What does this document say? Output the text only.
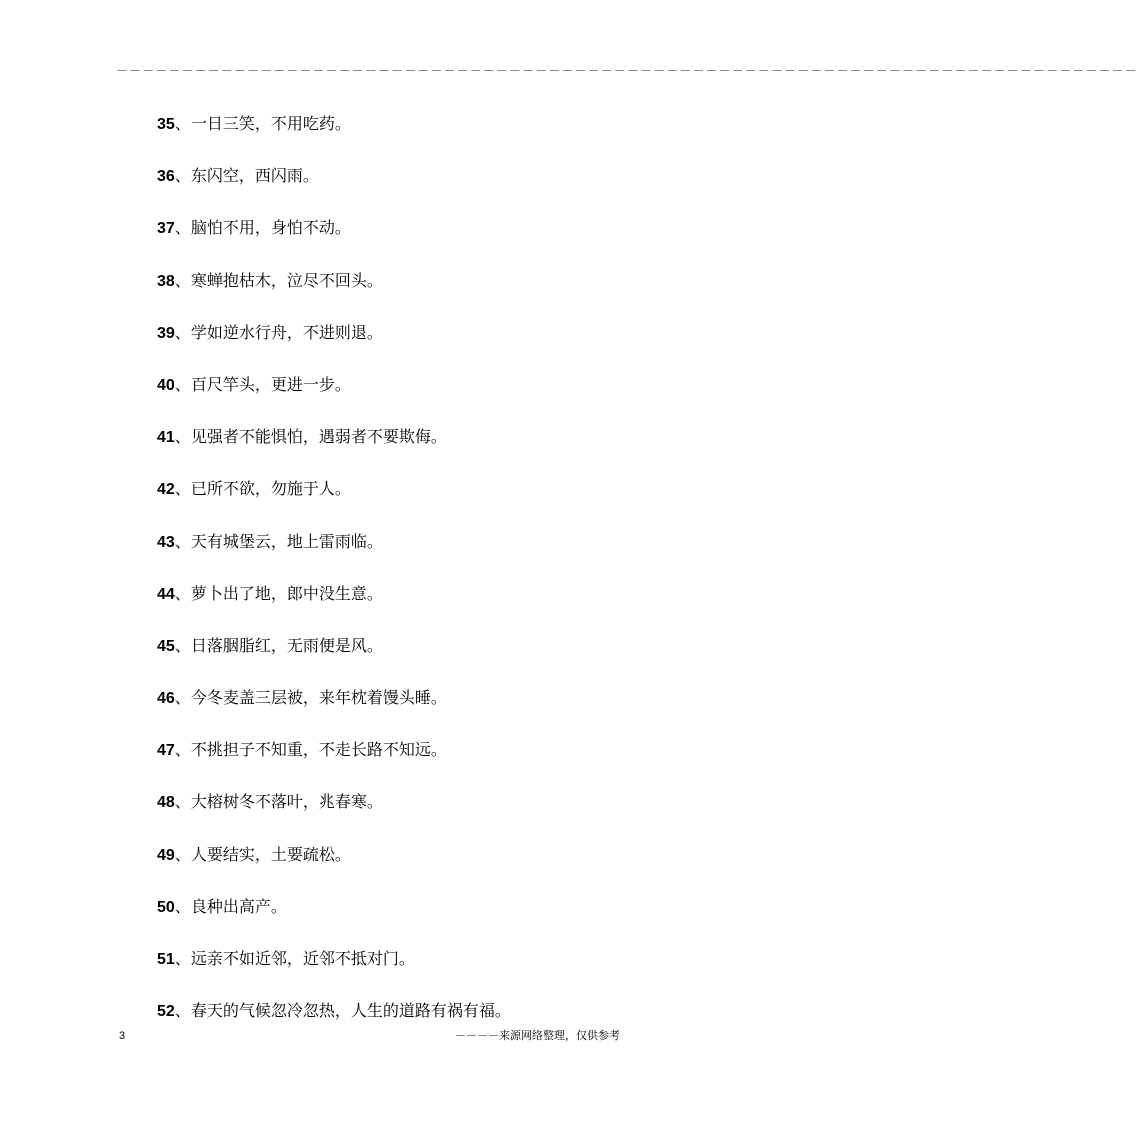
－－－－－－－－－－－－－－－－－－－－－－－－－－－－－－－－－－－－－－－－－－－－－－－－－－－－－－－－－－－－－－－－－－－－－－－－－－－－－－
35、一日三笑，不用吃药。
36、东闪空，西闪雨。
37、脑怕不用，身怕不动。
38、寒蝉抱枯木，泣尽不回头。
39、学如逆水行舟，不进则退。
40、百尺竿头，更进一步。
41、见强者不能惧怕，遇弱者不要欺侮。
42、已所不欲，勿施于人。
43、天有城堡云，地上雷雨临。
44、萝卜出了地，郎中没生意。
45、日落胭脂红，无雨便是风。
46、今冬麦盖三层被，来年枕着馒头睡。
47、不挑担子不知重，不走长路不知远。
48、大榕树冬不落叶，兆春寒。
49、人要结实，土要疏松。
50、良种出高产。
51、远亲不如近邻，近邻不抵对门。
52、春天的气候忽冷忽热，人生的道路有祸有福。
3	－－－－来源网络整理，仅供参考
